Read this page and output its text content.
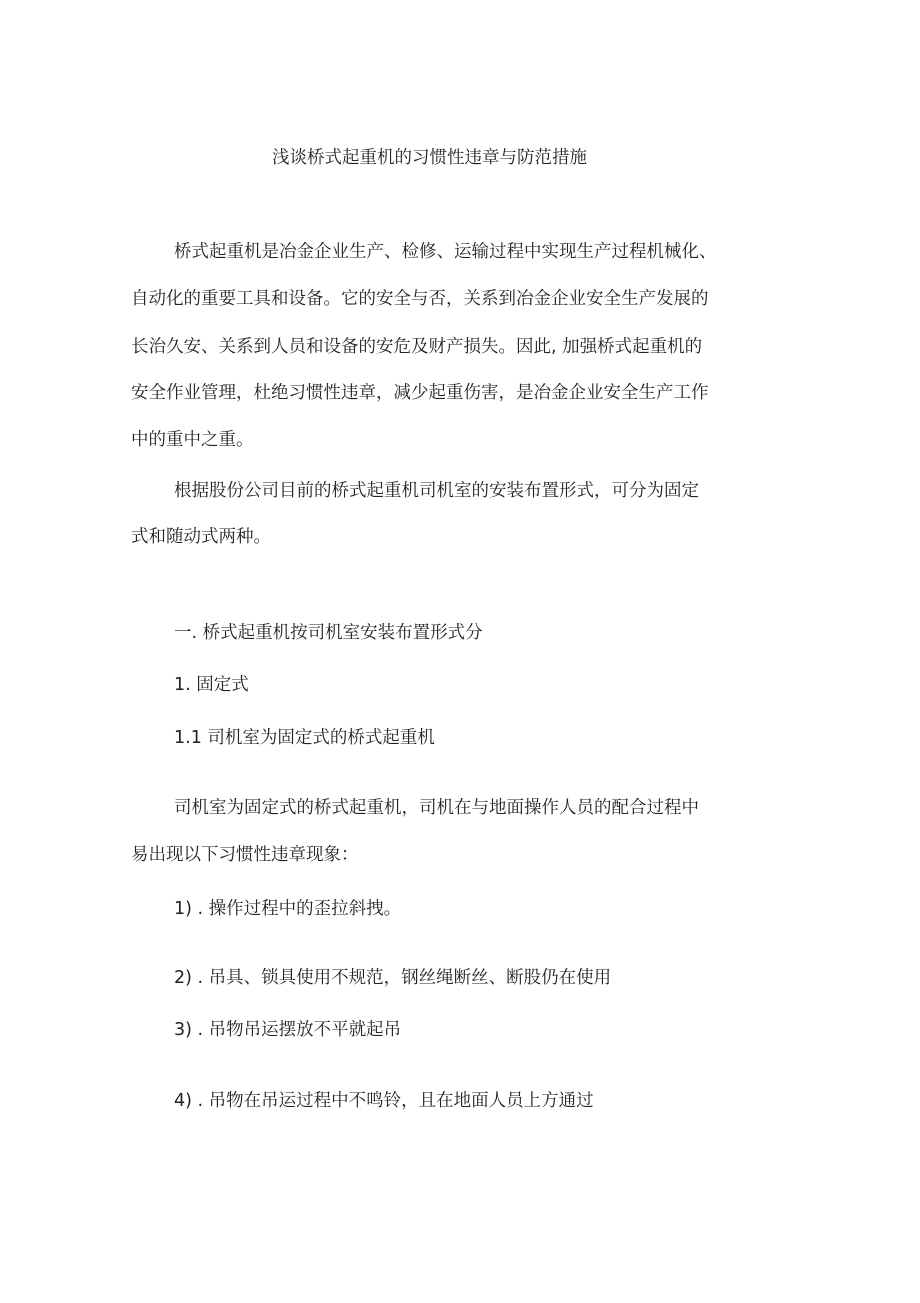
浅谈桥式起重机的习惯性违章与防范措施

桥式起重机是冶金企业生产、检修、运输过程中实现生产过程机械化、

自动化的重要工具和设备。它的安全与否，关系到冶金企业安全生产发展的

长治久安、关系到人员和设备的安危及财产损失。因此, 加强桥式起重机的

安全作业管理，杜绝习惯性违章，减少起重伤害，是冶金企业安全生产工作

中的重中之重。

根据股份公司目前的桥式起重机司机室的安装布置形式，可分为固定

式和随动式两种。

一. 桥式起重机按司机室安装布置形式分

1. 固定式

1.1 司机室为固定式的桥式起重机

司机室为固定式的桥式起重机，司机在与地面操作人员的配合过程中

易出现以下习惯性违章现象：

1) . 操作过程中的歪拉斜拽。

2) . 吊具、锁具使用不规范，钢丝绳断丝、断股仍在使用

3) . 吊物吊运摆放不平就起吊

4) . 吊物在吊运过程中不鸣铃，且在地面人员上方通过
